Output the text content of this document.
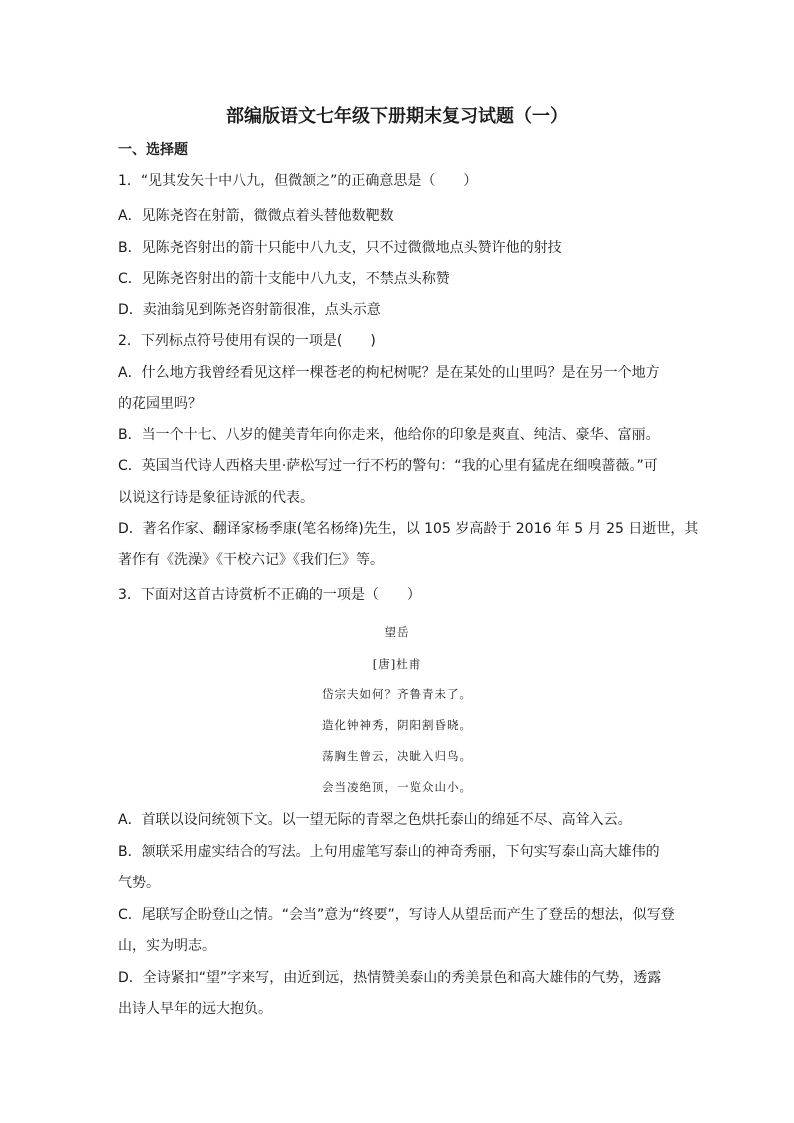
部编版语文七年级下册期末复习试题（一）
一、选择题
1．“见其发矢十中八九，但微颔之”的正确意思是（　　）
A．见陈尧咨在射箭，微微点着头替他数靶数
B．见陈尧咨射出的箭十只能中八九支，只不过微微地点头赞许他的射技
C．见陈尧咨射出的箭十支能中八九支，不禁点头称赞
D．卖油翁见到陈尧咨射箭很准，点头示意
2．下列标点符号使用有误的一项是(　　)
A．什么地方我曾经看见这样一棵苍老的枸杞树呢？是在某处的山里吗？是在另一个地方
的花园里吗？
B．当一个十七、八岁的健美青年向你走来，他给你的印象是爽直、纯洁、豪华、富丽。
C．英国当代诗人西格夫里·萨松写过一行不朽的警句：“我的心里有猛虎在细嗅蔷薇。”可
以说这行诗是象征诗派的代表。
D．著名作家、翻译家杨季康(笔名杨绛)先生，以 105 岁高龄于 2016 年 5 月 25 日逝世，其
著作有《洗澡》《干校六记》《我们仨》等。
3．下面对这首古诗赏析不正确的一项是（　　）
望岳
[唐]杜甫
岱宗夫如何？齐鲁青未了。
造化钟神秀，阴阳割昏晓。
荡胸生曾云，决眦入归鸟。
会当凌绝顶，一览众山小。
A．首联以设问统领下文。以一望无际的青翠之色烘托泰山的绵延不尽、高耸入云。
B．颔联采用虚实结合的写法。上句用虚笔写泰山的神奇秀丽，下句实写泰山高大雄伟的
气势。
C．尾联写企盼登山之情。“会当”意为“终要”，写诗人从望岳而产生了登岳的想法，似写登
山，实为明志。
D．全诗紧扣“望”字来写，由近到远，热情赞美泰山的秀美景色和高大雄伟的气势，透露
出诗人早年的远大抱负。
